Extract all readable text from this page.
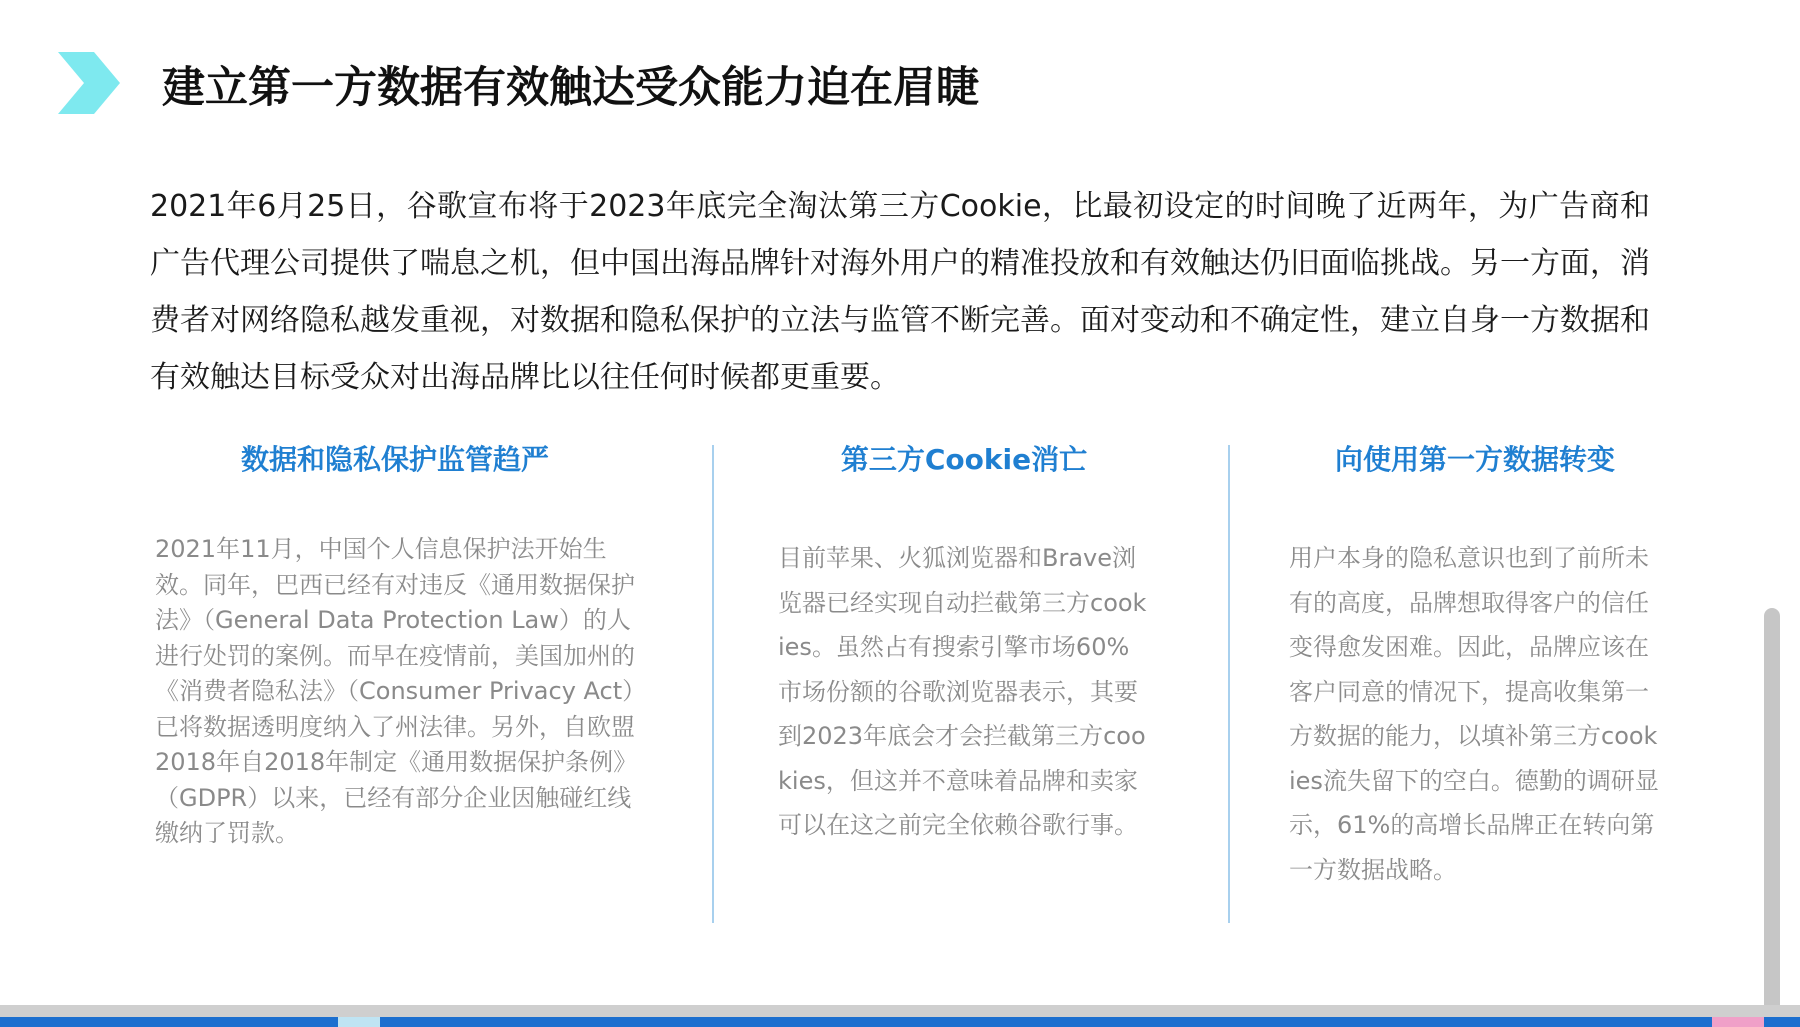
建立第一方数据有效触达受众能力迫在眉睫

2021年6月25日，谷歌宣布将于2023年底完全淘汰第三方Cookie，比最初设定的时间晚了近两年，为广告商和广告代理公司提供了喘息之机，但中国出海品牌针对海外用户的精准投放和有效触达仍旧面临挑战。另一方面，消费者对网络隐私越发重视，对数据和隐私保护的立法与监管不断完善。面对变动和不确定性，建立自身一方数据和有效触达目标受众对出海品牌比以往任何时候都更重要。

数据和隐私保护监管趋严

2021年11月，中国个人信息保护法开始生效。同年，巴西已经有对违反《通用数据保护法》（General Data Protection Law）的人进行处罚的案例。而早在疫情前，美国加州的《消费者隐私法》（Consumer Privacy Act）已将数据透明度纳入了州法律。另外，自欧盟2018年自2018年制定《通用数据保护条例》（GDPR）以来，已经有部分企业因触碰红线缴纳了罚款。

第三方Cookie消亡

目前苹果、火狐浏览器和Brave浏览器已经实现自动拦截第三方cookies。虽然占有搜索引擎市场60%市场份额的谷歌浏览器表示，其要到2023年底会才会拦截第三方cookies，但这并不意味着品牌和卖家可以在这之前完全依赖谷歌行事。

向使用第一方数据转变

用户本身的隐私意识也到了前所未有的高度，品牌想取得客户的信任变得愈发困难。因此，品牌应该在客户同意的情况下，提高收集第一方数据的能力，以填补第三方cookies流失留下的空白。德勤的调研显示，61%的高增长品牌正在转向第一方数据战略。
